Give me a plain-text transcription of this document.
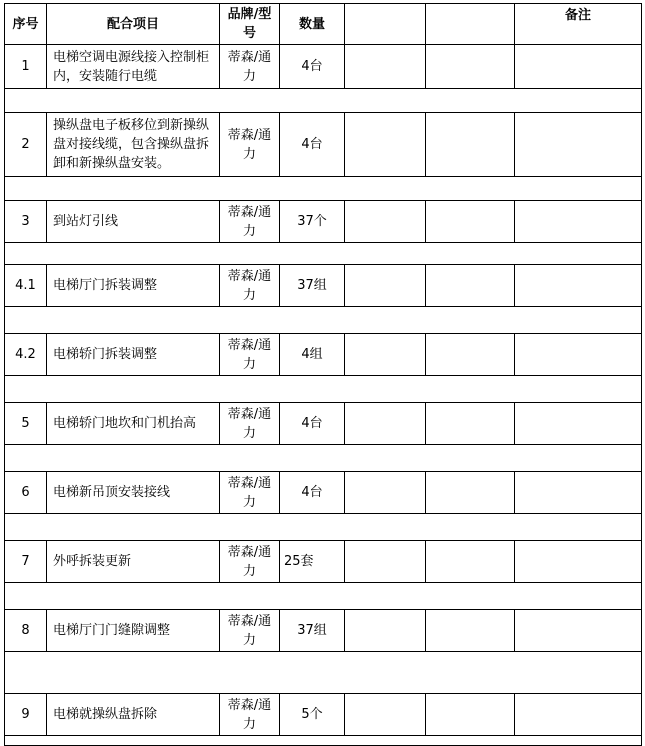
序号	配合项目	品牌/型号	数量			备注
1	电梯空调电源线接入控制柜内，安装随行电缆	蒂森/通力	4台			

2	操纵盘电子板移位到新操纵盘对接线缆，包含操纵盘拆卸和新操纵盘安装。	蒂森/通力	4台			

3	到站灯引线	蒂森/通力	37个			

4.1	电梯厅门拆装调整	蒂森/通力	37组			

4.2	电梯轿门拆装调整	蒂森/通力	4组			

5	电梯轿门地坎和门机抬高	蒂森/通力	4台			

6	电梯新吊顶安装接线	蒂森/通力	4台			

7	外呼拆装更新	蒂森/通力	25套			

8	电梯厅门门缝隙调整	蒂森/通力	37组			

9	电梯就操纵盘拆除	蒂森/通力	5个			
